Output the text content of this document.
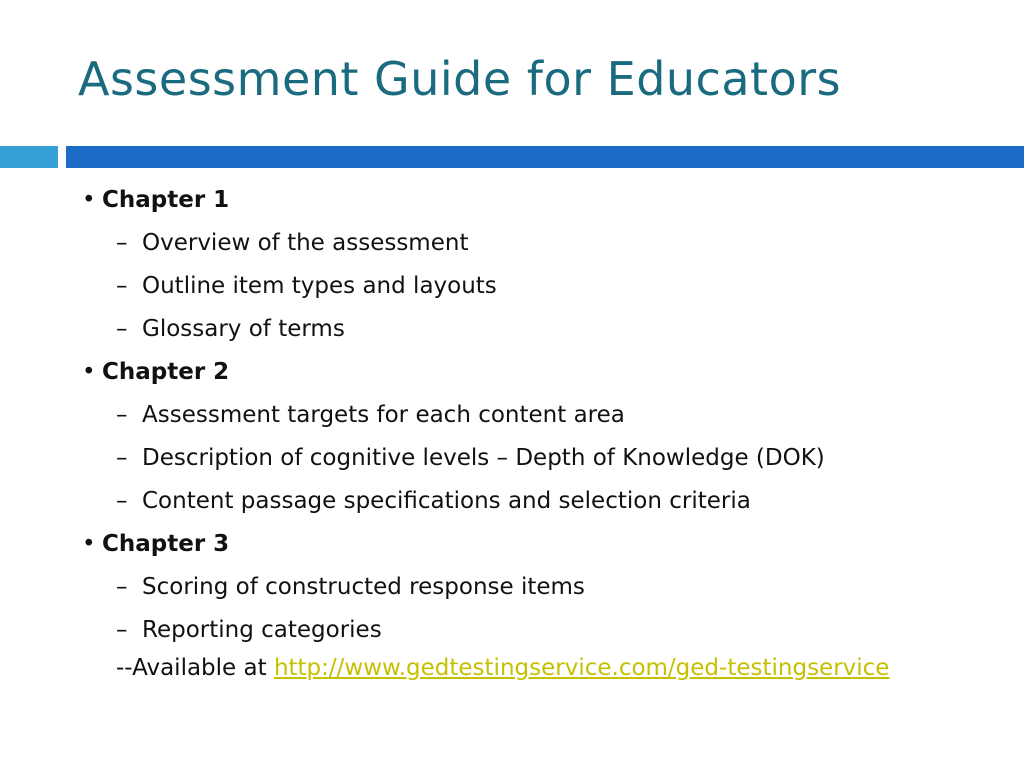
Assessment Guide for Educators
• Chapter 1
– Overview of the assessment
– Outline item types and layouts
– Glossary of terms
• Chapter 2
– Assessment targets for each content area
– Description of cognitive levels – Depth of Knowledge (DOK)
– Content passage specifications and selection criteria
• Chapter 3
– Scoring of constructed response items
– Reporting categories
--Available at http://www.gedtestingservice.com/ged-testingservice
